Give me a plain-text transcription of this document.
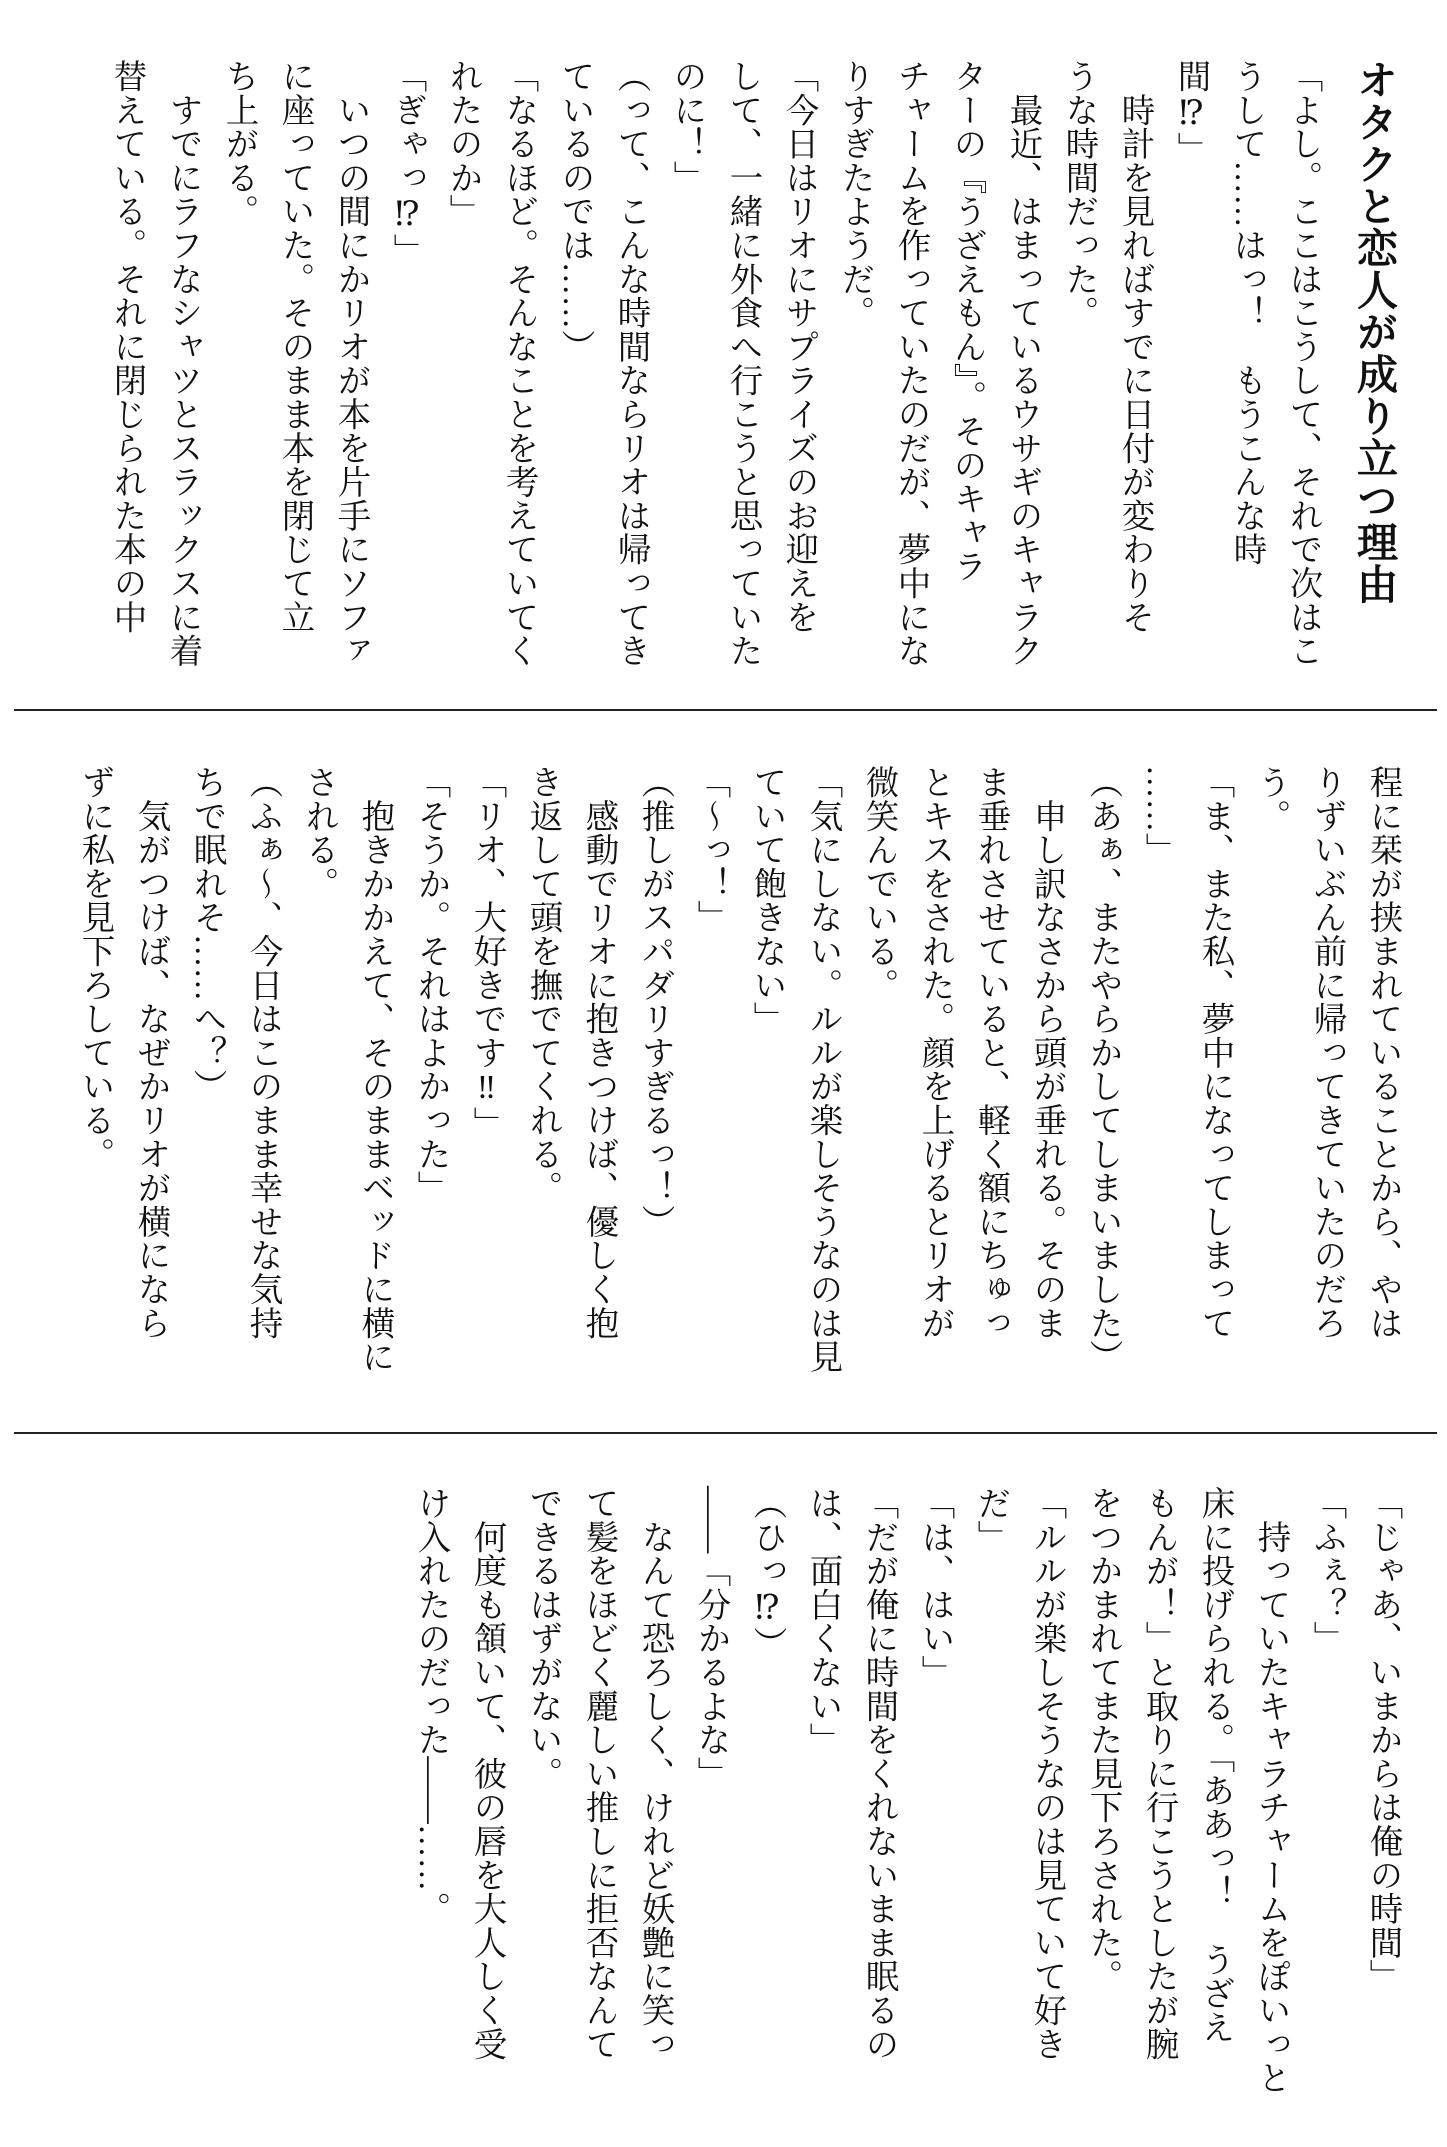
オタクと恋人が成り立つ理由
「よし。ここはこうして、それで次はこ
うして……はっ！　もうこんな時
間⁉」
　時計を見ればすでに日付が変わりそ
うな時間だった。
　最近、はまっているウサギのキャラク
ターの『うざえもん』。そのキャラ
チャームを作っていたのだが、夢中にな
りすぎたようだ。
「今日はリオにサプライズのお迎えを
して、一緒に外食へ行こうと思っていた
のに！」
（って、こんな時間ならリオは帰ってき
ているのでは……）
「なるほど。そんなことを考えていてく
れたのか」
「ぎゃっ⁉」
　いつの間にかリオが本を片手にソファ
に座っていた。そのまま本を閉じて立
ち上がる。
　すでにラフなシャツとスラックスに着
替えている。それに閉じられた本の中
程に栞が挟まれていることから、やは
りずいぶん前に帰ってきていたのだろ
う。
「ま、また私、夢中になってしまって
……」
（あぁ、またやらかしてしまいました）
　申し訳なさから頭が垂れる。そのま
ま垂れさせていると、軽く額にちゅっ
とキスをされた。顔を上げるとリオが
微笑んでいる。
「気にしない。ルルが楽しそうなのは見
ていて飽きない」
「～っ！」
（推しがスパダリすぎるっ！）
　感動でリオに抱きつけば、優しく抱
き返して頭を撫でてくれる。
「リオ、大好きです‼」
「そうか。それはよかった」
　抱きかかえて、そのままベッドに横に
される。
（ふぁ～、今日はこのまま幸せな気持
ちで眠れそ……へ？）
　気がつけば、なぜかリオが横になら
ずに私を見下ろしている。
「じゃあ、いまからは俺の時間」
「ふぇ？」
　持っていたキャラチャームをぽいっと
床に投げられる。「ああっ！　うざえ
もんが！」と取りに行こうとしたが腕
をつかまれてまた見下ろされた。
「ルルが楽しそうなのは見ていて好き
だ」
「は、はい」
「だが俺に時間をくれないまま眠るの
は、面白くない」
（ひっ⁉）
――「分かるよな」
　なんて恐ろしく、けれど妖艶に笑っ
て髪をほどく麗しい推しに拒否なんて
できるはずがない。
　何度も頷いて、彼の唇を大人しく受
け入れたのだった――……。
